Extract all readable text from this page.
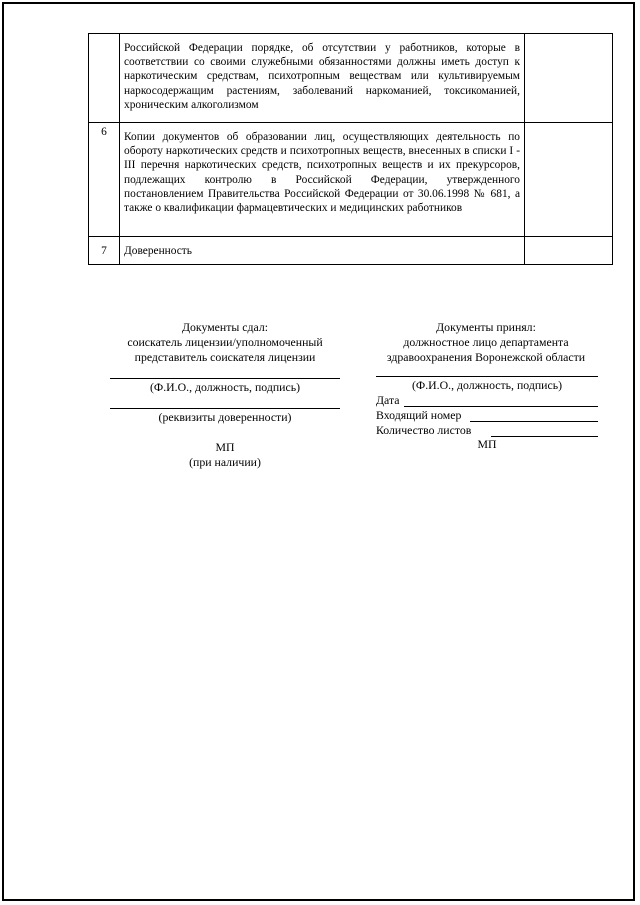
	Российской Федерации порядке, об отсутствии у работников, которые в соответствии со своими служебными обязанностями должны иметь доступ к наркотическим средствам, психотропным веществам или культивируемым наркосодержащим растениям, заболеваний наркоманией, токсикоманией, хроническим алкоголизмом	
6	Копии документов об образовании лиц, осуществляющих деятельность по обороту наркотических средств и психотропных веществ, внесенных в списки I - III перечня наркотических средств, психотропных веществ и их прекурсоров, подлежащих контролю в Российской Федерации, утвержденного постановлением Правительства Российской Федерации от 30.06.1998 № 681, а также о квалификации фармацевтических и медицинских работников	
7	Доверенность	
Документы сдал:
соискатель лицензии/уполномоченный
представитель соискателя лицензии
(Ф.И.О., должность, подпись)
(реквизиты доверенности)
МП
(при наличии)
Документы принял:
должностное лицо департамента
здравоохранения Воронежской области
(Ф.И.О., должность, подпись)
Дата
Входящий номер
Количество листов
МП
